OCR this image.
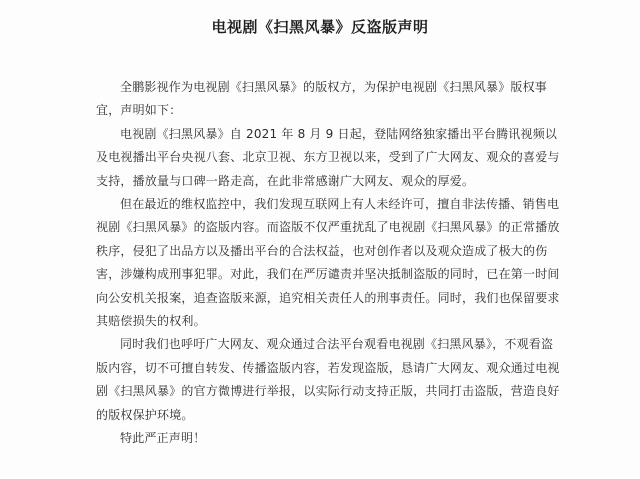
电视剧《扫黑风暴》反盗版声明

全鹏影视作为电视剧《扫黑风暴》的版权方，为保护电视剧《扫黑风暴》版权事宜，声明如下：

电视剧《扫黑风暴》自 2021 年 8 月 9 日起，登陆网络独家播出平台腾讯视频以及电视播出平台央视八套、北京卫视、东方卫视以来，受到了广大网友、观众的喜爱与支持，播放量与口碑一路走高，在此非常感谢广大网友、观众的厚爱。

但在最近的维权监控中，我们发现互联网上有人未经许可，擅自非法传播、销售电视剧《扫黑风暴》的盗版内容。而盗版不仅严重扰乱了电视剧《扫黑风暴》的正常播放秩序，侵犯了出品方以及播出平台的合法权益，也对创作者以及观众造成了极大的伤害，涉嫌构成刑事犯罪。对此，我们在严厉谴责并坚决抵制盗版的同时，已在第一时间向公安机关报案，追查盗版来源，追究相关责任人的刑事责任。同时，我们也保留要求其赔偿损失的权利。

同时我们也呼吁广大网友、观众通过合法平台观看电视剧《扫黑风暴》，不观看盗版内容，切不可擅自转发、传播盗版内容，若发现盗版，恳请广大网友、观众通过电视剧《扫黑风暴》的官方微博进行举报，以实际行动支持正版，共同打击盗版，营造良好的版权保护环境。

特此严正声明！
